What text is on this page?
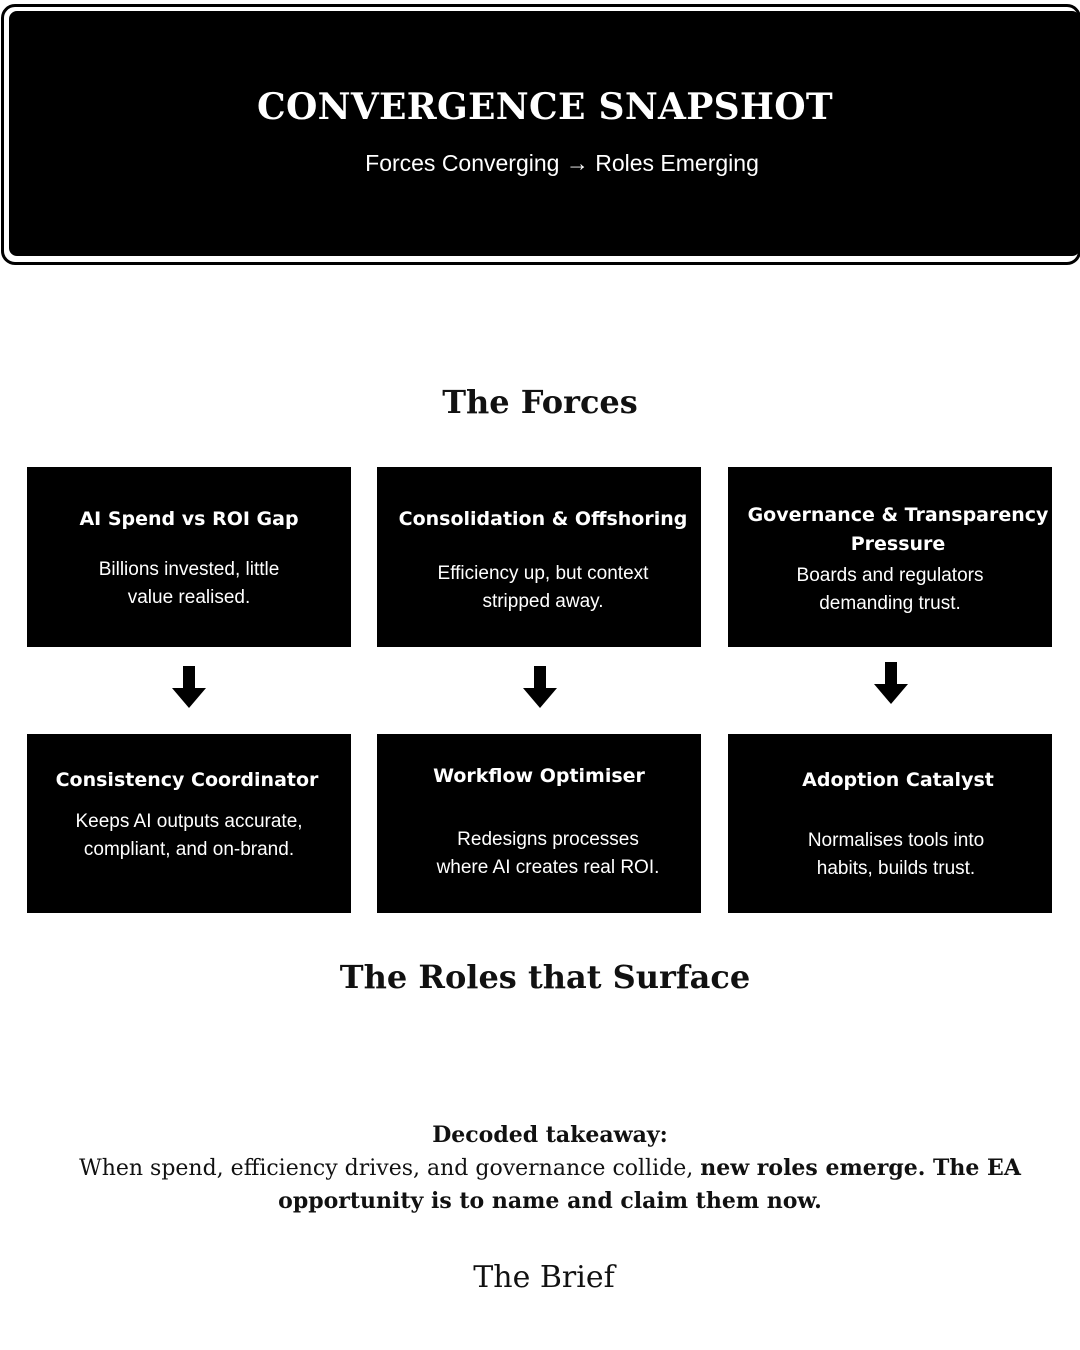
CONVERGENCE SNAPSHOT
Forces Converging → Roles Emerging
The Forces
AI Spend vs ROI Gap
Billions invested, little
value realised.
Consolidation & Offshoring
Efficiency up, but context
stripped away.
Governance & Transparency
Pressure
Boards and regulators
demanding trust.
Consistency Coordinator
Keeps AI outputs accurate,
compliant, and on-brand.
Workflow Optimiser
Redesigns processes
where AI creates real ROI.
Adoption Catalyst
Normalises tools into
habits, builds trust.
The Roles that Surface
Decoded takeaway:
When spend, efficiency drives, and governance collide, new roles emerge. The EA opportunity is to name and claim them now.
The Brief
